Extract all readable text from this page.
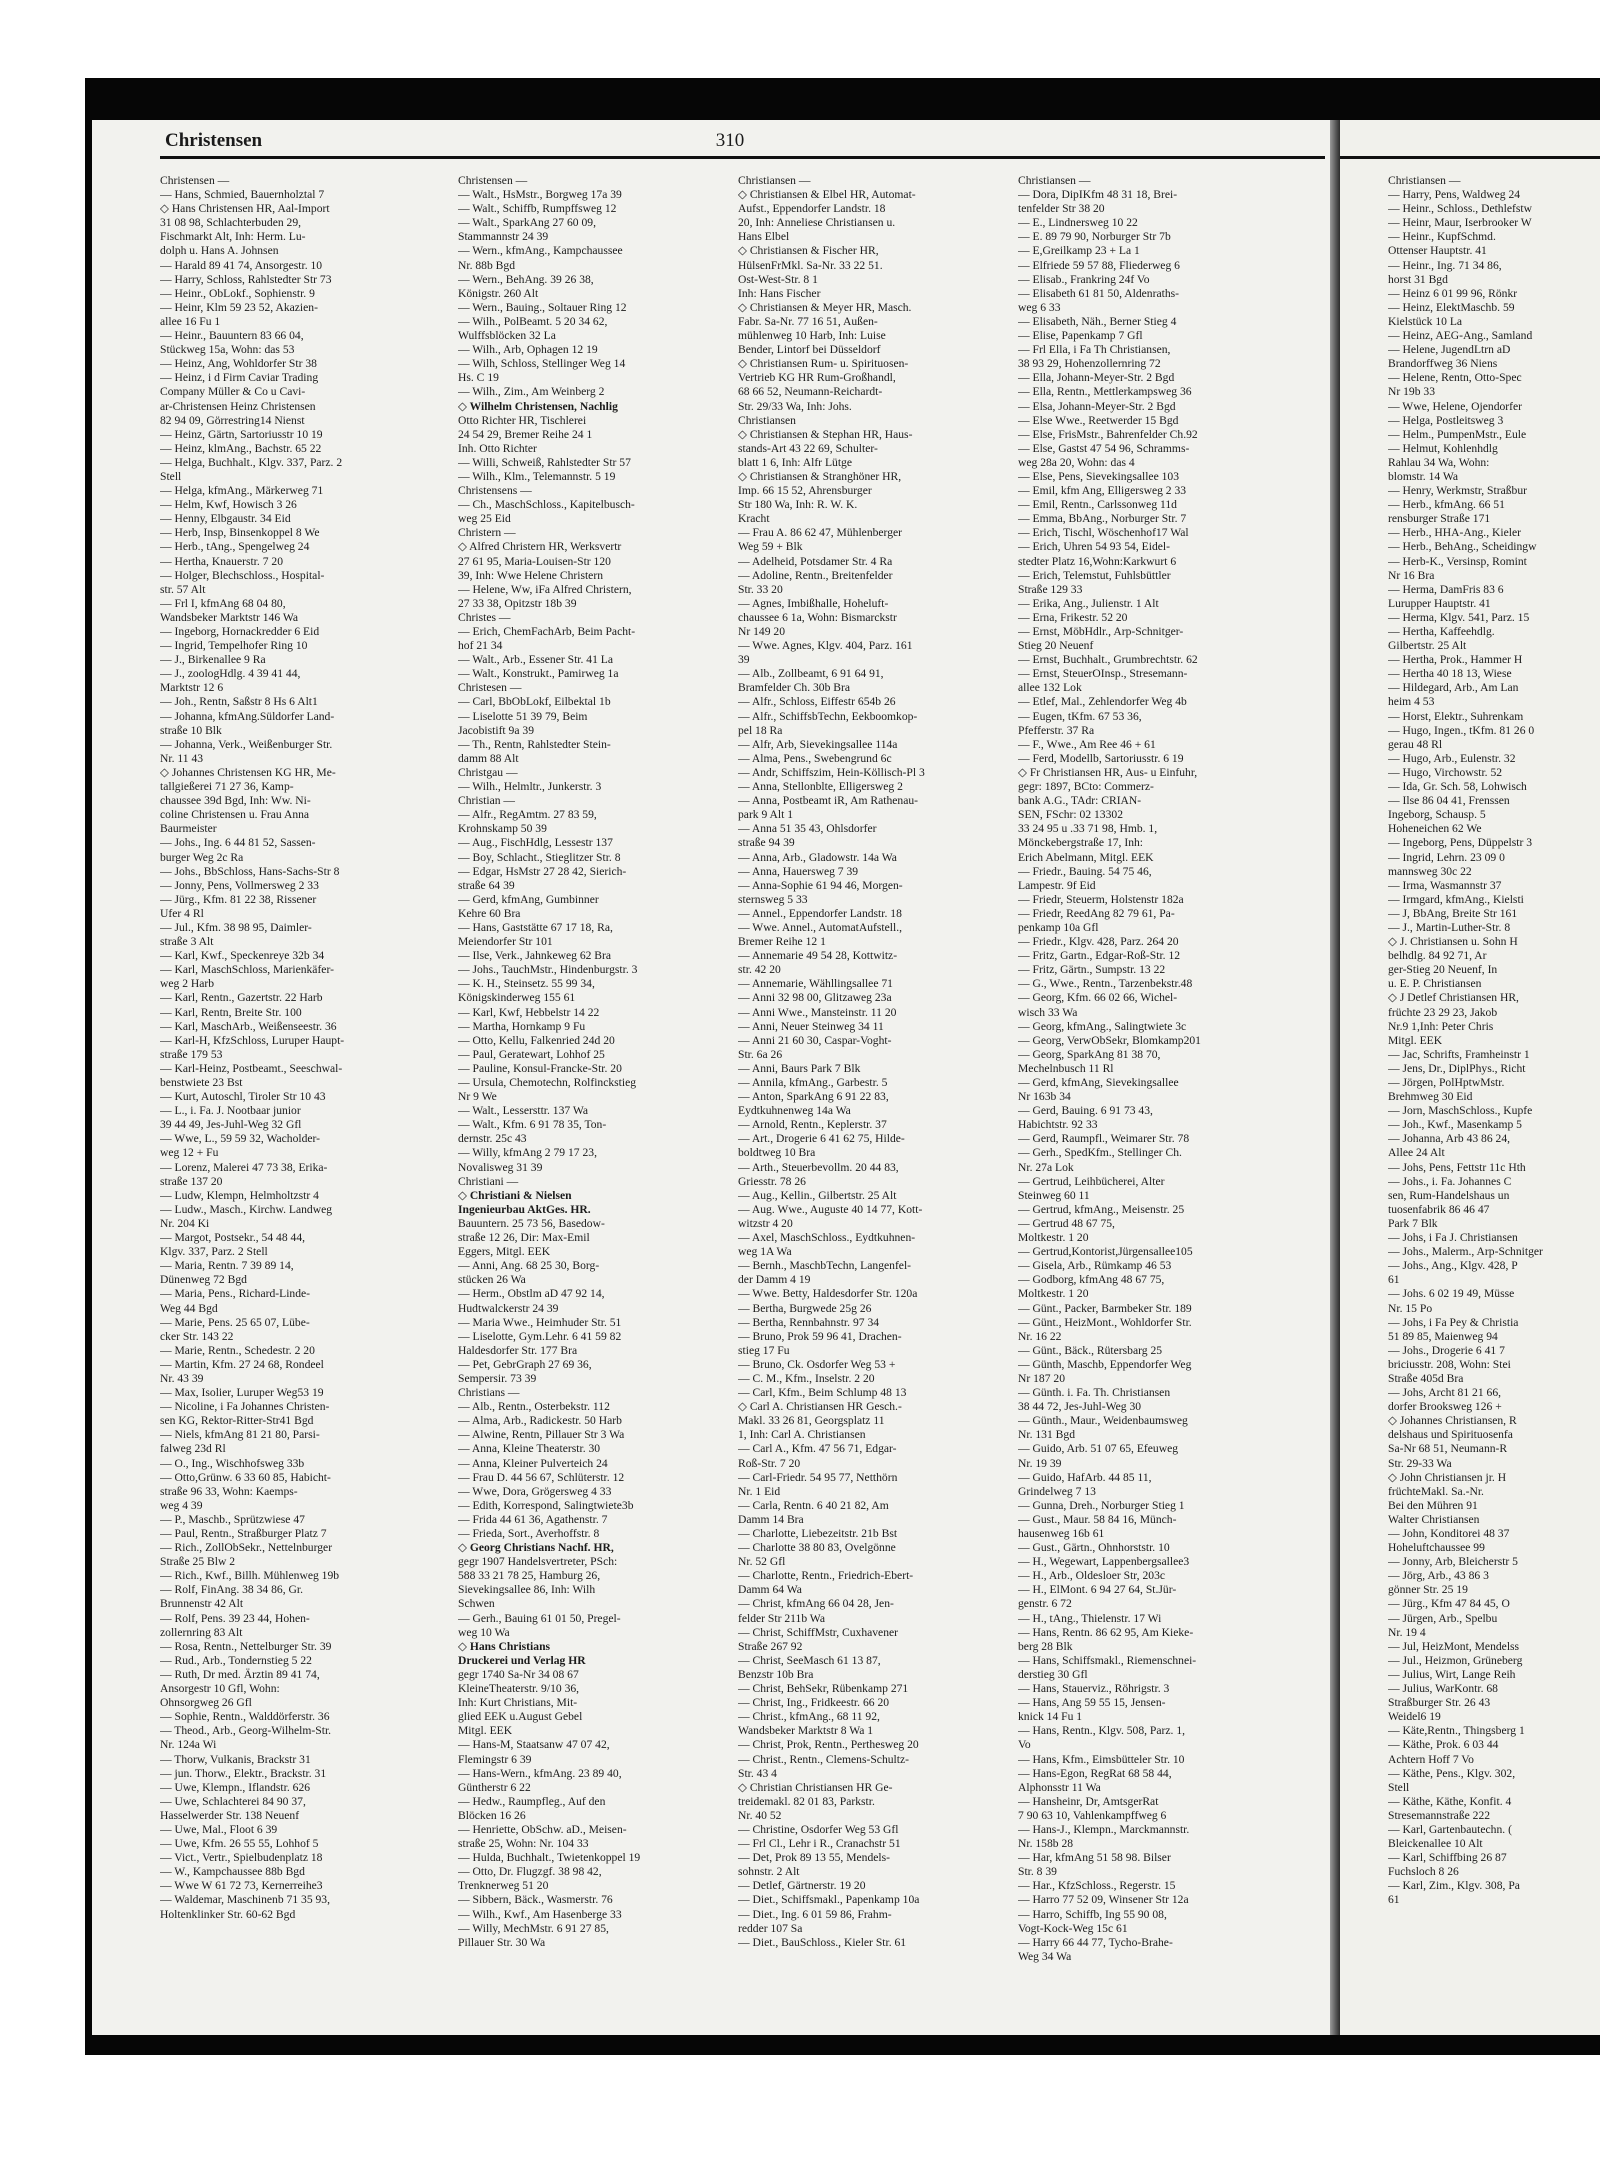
Christensen	310
Christensen —
— Hans, Schmied, Bauernholztal 7
◇ Hans Christensen HR, Aal-Import
31 08 98, Schlachterbuden 29,
Fischmarkt Alt, Inh: Herm. Lu-
dolph u. Hans A. Johnsen
— Harald 89 41 74, Ansorgestr. 10
— Harry, Schloss, Rahlstedter Str 73
— Heinr., ObLokf., Sophienstr. 9
— Heinr, Klm 59 23 52, Akazien-
allee 16 Fu 1
— Heinr., Bauuntern 83 66 04,
Stückweg 15a, Wohn: das 53
— Heinz, Ang, Wohldorfer Str 38
— Heinz, i d Firm Caviar Trading
Company Müller & Co u Cavi-
ar-Christensen Heinz Christensen
82 94 09, Görrestring14 Nienst
— Heinz, Gärtn, Sartoriusstr 10 19
— Heinz, klmAng., Bachstr. 65 22
— Helga, Buchhalt., Klgv. 337, Parz. 2
Stell
— Helga, kfmAng., Märkerweg 71
— Helm, Kwf, Howisch 3 26
— Henny, Elbgaustr. 34 Eid
— Herb, Insp, Binsenkoppel 8 We
— Herb., tAng., Spengelweg 24
— Hertha, Knauerstr. 7 20
— Holger, Blechschloss., Hospital-
str. 57 Alt
— Frl I, kfmAng 68 04 80,
Wandsbeker Marktstr 146 Wa
— Ingeborg, Hornackredder 6 Eid
— Ingrid, Tempelhofer Ring 10
— J., Birkenallee 9 Ra
— J., zoologHdlg. 4 39 41 44,
Marktstr 12 6
— Joh., Rentn, Saßstr 8 Hs 6 Alt1
— Johanna, kfmAng.Süldorfer Land-
straße 10 Blk
— Johanna, Verk., Weißenburger Str.
Nr. 11 43
◇ Johannes Christensen KG HR, Me-
tallgießerei 71 27 36, Kamp-
chaussee 39d Bgd, Inh: Ww. Ni-
coline Christensen u. Frau Anna
Baurmeister
— Johs., Ing. 6 44 81 52, Sassen-
burger Weg 2c Ra
— Johs., BbSchloss, Hans-Sachs-Str 8
— Jonny, Pens, Vollmersweg 2 33
— Jürg., Kfm. 81 22 38, Rissener
Ufer 4 Rl
— Jul., Kfm. 38 98 95, Daimler-
straße 3 Alt
— Karl, Kwf., Speckenreye 32b 34
— Karl, MaschSchloss, Marienkäfer-
weg 2 Harb
— Karl, Rentn., Gazertstr. 22 Harb
— Karl, Rentn, Breite Str. 100
— Karl, MaschArb., Weißenseestr. 36
— Karl-H, KfzSchloss, Luruper Haupt-
straße 179 53
— Karl-Heinz, Postbeamt., Seeschwal-
benstwiete 23 Bst
— Kurt, Autoschl, Tiroler Str 10 43
— L., i. Fa. J. Nootbaar junior
39 44 49, Jes-Juhl-Weg 32 Gfl
— Wwe, L., 59 59 32, Wacholder-
weg 12 + Fu
— Lorenz, Malerei 47 73 38, Erika-
straße 137 20
— Ludw, Klempn, Helmholtzstr 4
— Ludw., Masch., Kirchw. Landweg
Nr. 204 Ki
— Margot, Postsekr., 54 48 44,
Klgv. 337, Parz. 2 Stell
— Maria, Rentn. 7 39 89 14,
Dünenweg 72 Bgd
— Maria, Pens., Richard-Linde-
Weg 44 Bgd
— Marie, Pens. 25 65 07, Lübe-
cker Str. 143 22
— Marie, Rentn., Schedestr. 2 20
— Martin, Kfm. 27 24 68, Rondeel
Nr. 43 39
— Max, Isolier, Luruper Weg53 19
— Nicoline, i Fa Johannes Christen-
sen KG, Rektor-Ritter-Str41 Bgd
— Niels, kfmAng 81 21 80, Parsi-
falweg 23d Rl
— O., Ing., Wischhofsweg 33b
— Otto,Grünw. 6 33 60 85, Habicht-
straße 96 33, Wohn: Kaemps-
weg 4 39
— P., Maschb., Sprützwiese 47
— Paul, Rentn., Straßburger Platz 7
— Rich., ZollObSekr., Nettelnburger
Straße 25 Blw 2
— Rich., Kwf., Billh. Mühlenweg 19b
— Rolf, FinAng. 38 34 86, Gr.
Brunnenstr 42 Alt
— Rolf, Pens. 39 23 44, Hohen-
zollernring 83 Alt
— Rosa, Rentn., Nettelburger Str. 39
— Rud., Arb., Tondernstieg 5 22
— Ruth, Dr med. Ärztin 89 41 74,
Ansorgestr 10 Gfl, Wohn:
Ohnsorgweg 26 Gfl
— Sophie, Rentn., Walddörferstr. 36
— Theod., Arb., Georg-Wilhelm-Str.
Nr. 124a Wi
— Thorw, Vulkanis, Brackstr 31
— jun. Thorw., Elektr., Brackstr. 31
— Uwe, Klempn., Iflandstr. 626
— Uwe, Schlachterei 84 90 37,
Hasselwerder Str. 138 Neuenf
— Uwe, Mal., Floot 6 39
— Uwe, Kfm. 26 55 55, Lohhof 5
— Vict., Vertr., Spielbudenplatz 18
— W., Kampchaussee 88b Bgd
— Wwe W 61 72 73, Kernerreihe3
— Waldemar, Maschinenb 71 35 93,
Holtenklinker Str. 60-62 Bgd
Christensen —
— Walt., HsMstr., Borgweg 17a 39
— Walt., Schiffb, Rumpffsweg 12
— Walt., SparkAng 27 60 09,
Stammannstr 24 39
— Wern., kfmAng., Kampchaussee
Nr. 88b Bgd
— Wern., BehAng. 39 26 38,
Königstr. 260 Alt
— Wern., Bauing., Soltauer Ring 12
— Wilh., PolBeamt. 5 20 34 62,
Wulffsblöcken 32 La
— Wilh., Arb, Ophagen 12 19
— Wilh, Schloss, Stellinger Weg 14
Hs. C 19
— Wilh., Zim., Am Weinberg 2
◇ Wilhelm Christensen, Nachlig
Otto Richter HR, Tischlerei
24 54 29, Bremer Reihe 24 1
Inh. Otto Richter
— Willi, Schweiß, Rahlstedter Str 57
— Wilh., Klm., Telemannstr. 5 19
Christensens —
— Ch., MaschSchloss., Kapitelbusch-
weg 25 Eid
Christern —
◇ Alfred Christern HR, Werksvertr
27 61 95, Maria-Louisen-Str 120
39, Inh: Wwe Helene Christern
— Helene, Ww, iFa Alfred Christern,
27 33 38, Opitzstr 18b 39
Christes —
— Erich, ChemFachArb, Beim Pacht-
hof 21 34
— Walt., Arb., Essener Str. 41 La
— Walt., Konstrukt., Pamirweg 1a
Christesen —
— Carl, BbObLokf, Eilbektal 1b
— Liselotte 51 39 79, Beim
Jacobistift 9a 39
— Th., Rentn, Rahlstedter Stein-
damm 88 Alt
Christgau —
— Wilh., Helmltr., Junkerstr. 3
Christian —
— Alfr., RegAmtm. 27 83 59,
Krohnskamp 50 39
— Aug., FischHdlg, Lessestr 137
— Boy, Schlacht., Stieglitzer Str. 8
— Edgar, HsMstr 27 28 42, Sierich-
straße 64 39
— Gerd, kfmAng, Gumbinner
Kehre 60 Bra
— Hans, Gaststätte 67 17 18, Ra,
Meiendorfer Str 101
— Ilse, Verk., Jahnkeweg 62 Bra
— Johs., TauchMstr., Hindenburgstr. 3
— K. H., Steinsetz. 55 99 34,
Königskinderweg 155 61
— Karl, Kwf, Hebbelstr 14 22
— Martha, Hornkamp 9 Fu
— Otto, Kellu, Falkenried 24d 20
— Paul, Geratewart, Lohhof 25
— Pauline, Konsul-Francke-Str. 20
— Ursula, Chemotechn, Rolfinckstieg
Nr 9 We
— Walt., Lessersttr. 137 Wa
— Walt., Kfm. 6 91 78 35, Ton-
dernstr. 25c 43
— Willy, kfmAng 2 79 17 23,
Novalisweg 31 39
Christiani —
◇ Christiani & Nielsen
Ingenieurbau AktGes. HR.
Bauuntern. 25 73 56, Basedow-
straße 12 26, Dir: Max-Emil
Eggers, Mitgl. EEK
— Anni, Ang. 68 25 30, Borg-
stücken 26 Wa
— Herm., Obstlm aD 47 92 14,
Hudtwalckerstr 24 39
— Maria Wwe., Heimhuder Str. 51
— Liselotte, Gym.Lehr. 6 41 59 82
Haldesdorfer Str. 177 Bra
— Pet, GebrGraph 27 69 36,
Sempersir. 73 39
Christians —
— Alb., Rentn., Osterbekstr. 112
— Alma, Arb., Radickestr. 50 Harb
— Alwine, Rentn, Pillauer Str 3 Wa
— Anna, Kleine Theaterstr. 30
— Anna, Kleiner Pulverteich 24
— Frau D. 44 56 67, Schlüterstr. 12
— Wwe, Dora, Grögersweg 4 33
— Edith, Korrespond, Salingtwiete3b
— Frida 44 61 36, Agathenstr. 7
— Frieda, Sort., Averhoffstr. 8
◇ Georg Christians Nachf. HR,
gegr 1907 Handelsvertreter, PSch:
588 33 21 78 25, Hamburg 26,
Sievekingsallee 86, Inh: Wilh
Schwen
— Gerh., Bauing 61 01 50, Pregel-
weg 10 Wa
◇ Hans Christians
Druckerei und Verlag HR
gegr 1740 Sa-Nr 34 08 67
KleineTheaterstr. 9/10 36,
Inh: Kurt Christians, Mit-
glied EEK u.August Gebel
Mitgl. EEK
— Hans-M, Staatsanw 47 07 42,
Flemingstr 6 39
— Hans-Wern., kfmAng. 23 89 40,
Güntherstr 6 22
— Hedw., Raumpfleg., Auf den
Blöcken 16 26
— Henriette, ObSchw. aD., Meisen-
straße 25, Wohn: Nr. 104 33
— Hulda, Buchhalt., Twietenkoppel 19
— Otto, Dr. Flugzgf. 38 98 42,
Trenknerweg 51 20
— Sibbern, Bäck., Wasmerstr. 76
— Wilh., Kwf., Am Hasenberge 33
— Willy, MechMstr. 6 91 27 85,
Pillauer Str. 30 Wa
Christiansen —
◇ Christiansen & Elbel HR, Automat-
Aufst., Eppendorfer Landstr. 18
20, Inh: Anneliese Christiansen u.
Hans Elbel
◇ Christiansen & Fischer HR,
HülsenFrMkl. Sa-Nr. 33 22 51.
Ost-West-Str. 8 1
Inh: Hans Fischer
◇ Christiansen & Meyer HR, Masch.
Fabr. Sa-Nr. 77 16 51, Außen-
mühlenweg 10 Harb, Inh: Luise
Bender, Lintorf bei Düsseldorf
◇ Christiansen Rum- u. Spirituosen-
Vertrieb KG HR Rum-Großhandl,
68 66 52, Neumann-Reichardt-
Str. 29/33 Wa, Inh: Johs.
Christiansen
◇ Christiansen & Stephan HR, Haus-
stands-Art 43 22 69, Schulter-
blatt 1 6, Inh: Alfr Lütge
◇ Christiansen & Stranghöner HR,
Imp. 66 15 52, Ahrensburger
Str 180 Wa, Inh: R. W. K.
Kracht
— Frau A. 86 62 47, Mühlenberger
Weg 59 + Blk
— Adelheid, Potsdamer Str. 4 Ra
— Adoline, Rentn., Breitenfelder
Str. 33 20
— Agnes, Imbißhalle, Hoheluft-
chaussee 6 1a, Wohn: Bismarckstr
Nr 149 20
— Wwe. Agnes, Klgv. 404, Parz. 161
39
— Alb., Zollbeamt, 6 91 64 91,
Bramfelder Ch. 30b Bra
— Alfr., Schloss, Eiffestr 654b 26
— Alfr., SchiffsbTechn, Eekboomkop-
pel 18 Ra
— Alfr, Arb, Sievekingsallee 114a
— Alma, Pens., Swebengrund 6c
— Andr, Schiffszim, Hein-Köllisch-Pl 3
— Anna, Stellonblte, Elligersweg 2
— Anna, Postbeamt iR, Am Rathenau-
park 9 Alt 1
— Anna 51 35 43, Ohlsdorfer
straße 94 39
— Anna, Arb., Gladowstr. 14a Wa
— Anna, Hauersweg 7 39
— Anna-Sophie 61 94 46, Morgen-
sternsweg 5 33
— Annel., Eppendorfer Landstr. 18
— Wwe. Annel., AutomatAufstell.,
Bremer Reihe 12 1
— Annemarie 49 54 28, Kottwitz-
str. 42 20
— Annemarie, Wähllingsallee 71
— Anni 32 98 00, Glitzaweg 23a
— Anni Wwe., Mansteinstr. 11 20
— Anni, Neuer Steinweg 34 11
— Anni 21 60 30, Caspar-Voght-
Str. 6a 26
— Anni, Baurs Park 7 Blk
— Annila, kfmAng., Garbestr. 5
— Anton, SparkAng 6 91 22 83,
Eydtkuhnenweg 14a Wa
— Arnold, Rentn., Keplerstr. 37
— Art., Drogerie 6 41 62 75, Hilde-
boldtweg 10 Bra
— Arth., Steuerbevollm. 20 44 83,
Griesstr. 78 26
— Aug., Kellin., Gilbertstr. 25 Alt
— Aug. Wwe., Auguste 40 14 77, Kott-
witzstr 4 20
— Axel, MaschSchloss., Eydtkuhnen-
weg 1A Wa
— Bernh., MaschbTechn, Langenfel-
der Damm 4 19
— Wwe. Betty, Haldesdorfer Str. 120a
— Bertha, Burgwede 25g 26
— Bertha, Rennbahnstr. 97 34
— Bruno, Prok 59 96 41, Drachen-
stieg 17 Fu
— Bruno, Ck. Osdorfer Weg 53 +
— C. M., Kfm., Inselstr. 2 20
— Carl, Kfm., Beim Schlump 48 13
◇ Carl A. Christiansen HR Gesch.-
Makl. 33 26 81, Georgsplatz 11
1, Inh: Carl A. Christiansen
— Carl A., Kfm. 47 56 71, Edgar-
Roß-Str. 7 20
— Carl-Friedr. 54 95 77, Netthörn
Nr. 1 Eid
— Carla, Rentn. 6 40 21 82, Am
Damm 14 Bra
— Charlotte, Liebezeitstr. 21b Bst
— Charlotte 38 80 83, Ovelgönne
Nr. 52 Gfl
— Charlotte, Rentn., Friedrich-Ebert-
Damm 64 Wa
— Christ, kfmAng 66 04 28, Jen-
felder Str 211b Wa
— Christ, SchiffMstr, Cuxhavener
Straße 267 92
— Christ, SeeMasch 61 13 87,
Benzstr 10b Bra
— Christ, BehSekr, Rübenkamp 271
— Christ, Ing., Fridkeestr. 66 20
— Christ., kfmAng., 68 11 92,
Wandsbeker Marktstr 8 Wa 1
— Christ, Prok, Rentn., Perthesweg 20
— Christ., Rentn., Clemens-Schultz-
Str. 43 4
◇ Christian Christiansen HR Ge-
treidemakl. 82 01 83, Parkstr.
Nr. 40 52
— Christine, Osdorfer Weg 53 Gfl
— Frl Cl., Lehr i R., Cranachstr 51
— Det, Prok 89 13 55, Mendels-
sohnstr. 2 Alt
— Detlef, Gärtnerstr. 19 20
— Diet., Schiffsmakl., Papenkamp 10a
— Diet., Ing. 6 01 59 86, Frahm-
redder 107 Sa
— Diet., BauSchloss., Kieler Str. 61
Christiansen —
— Dora, DipIKfm 48 31 18, Brei-
tenfelder Str 38 20
— E., Lindnersweg 10 22
— E. 89 79 90, Norburger Str 7b
— E,Greilkamp 23 + La 1
— Elfriede 59 57 88, Fliederweg 6
— Elisab., Frankring 24f Vo
— Elisabeth 61 81 50, Aldenraths-
weg 6 33
— Elisabeth, Näh., Berner Stieg 4
— Elise, Papenkamp 7 Gfl
— Frl Ella, i Fa Th Christiansen,
38 93 29, Hohenzollernring 72
— Ella, Johann-Meyer-Str. 2 Bgd
— Ella, Rentn., Mettlerkampsweg 36
— Elsa, Johann-Meyer-Str. 2 Bgd
— Else Wwe., Reetwerder 15 Bgd
— Else, FrisMstr., Bahrenfelder Ch.92
— Else, Gastst 47 54 96, Schramms-
weg 28a 20, Wohn: das 4
— Else, Pens, Sievekingsallee 103
— Emil, kfm Ang, Elligersweg 2 33
— Emil, Rentn., Carlssonweg 11d
— Emma, BbAng., Norburger Str. 7
— Erich, Tischl, Wöschenhof17 Wal
— Erich, Uhren 54 93 54, Eidel-
stedter Platz 16,Wohn:Karkwurt 6
— Erich, Telemstut, Fuhlsbüttler
Straße 129 33
— Erika, Ang., Julienstr. 1 Alt
— Erna, Frikestr. 52 20
— Ernst, MöbHdlr., Arp-Schnitger-
Stieg 20 Neuenf
— Ernst, Buchhalt., Grumbrechtstr. 62
— Ernst, SteuerOInsp., Stresemann-
allee 132 Lok
— Etlef, Mal., Zehlendorfer Weg 4b
— Eugen, tKfm. 67 53 36,
Pfefferstr. 37 Ra
— F., Wwe., Am Ree 46 + 61
— Ferd, Modellb, Sartoriusstr. 6 19
◇ Fr Christiansen HR, Aus- u Einfuhr,
gegr: 1897, BCto: Commerz-
bank A.G., TAdr: CRIAN-
SEN, FSchr: 02 13302
33 24 95 u .33 71 98, Hmb. 1,
Mönckebergstraße 17, Inh:
Erich Abelmann, Mitgl. EEK
— Friedr., Bauing. 54 75 46,
Lampestr. 9f Eid
— Friedr, Steuerm, Holstenstr 182a
— Friedr, ReedAng 82 79 61, Pa-
penkamp 10a Gfl
— Friedr., Klgv. 428, Parz. 264 20
— Fritz, Gartn., Edgar-Roß-Str. 12
— Fritz, Gärtn., Sumpstr. 13 22
— G., Wwe., Rentn., Tarzenbekstr.48
— Georg, Kfm. 66 02 66, Wichel-
wisch 33 Wa
— Georg, kfmAng., Salingtwiete 3c
— Georg, VerwObSekr, Blomkamp201
— Georg, SparkAng 81 38 70,
Mechelnbusch 11 Rl
— Gerd, kfmAng, Sievekingsallee
Nr 163b 34
— Gerd, Bauing. 6 91 73 43,
Habichtstr. 92 33
— Gerd, Raumpfl., Weimarer Str. 78
— Gerh., SpedKfm., Stellinger Ch.
Nr. 27a Lok
— Gertrud, Leihbücherei, Alter
Steinweg 60 11
— Gertrud, kfmAng., Meisenstr. 25
— Gertrud 48 67 75,
Moltkestr. 1 20
— Gertrud,Kontorist,Jürgensallee105
— Gisela, Arb., Rümkamp 46 53
— Godborg, kfmAng 48 67 75,
Moltkestr. 1 20
— Günt., Packer, Barmbeker Str. 189
— Günt., HeizMont., Wohldorfer Str.
Nr. 16 22
— Günt., Bäck., Rütersbarg 25
— Günth, Maschb, Eppendorfer Weg
Nr 187 20
— Günth. i. Fa. Th. Christiansen
38 44 72, Jes-Juhl-Weg 30
— Günth., Maur., Weidenbaumsweg
Nr. 131 Bgd
— Guido, Arb. 51 07 65, Efeuweg
Nr. 19 39
— Guido, HafArb. 44 85 11,
Grindelweg 7 13
— Gunna, Dreh., Norburger Stieg 1
— Gust., Maur. 58 84 16, Münch-
hausenweg 16b 61
— Gust., Gärtn., Ohnhorststr. 10
— H., Wegewart, Lappenbergsallee3
— H., Arb., Oldesloer Str, 203c
— H., ElMont. 6 94 27 64, St.Jür-
genstr. 6 72
— H., tAng., Thielenstr. 17 Wi
— Hans, Rentn. 86 62 95, Am Kieke-
berg 28 Blk
— Hans, Schiffsmakl., Riemenschnei-
derstieg 30 Gfl
— Hans, Stauerviz., Röhrigstr. 3
— Hans, Ang 59 55 15, Jensen-
knick 14 Fu 1
— Hans, Rentn., Klgv. 508, Parz. 1,
Vo
— Hans, Kfm., Eimsbütteler Str. 10
— Hans-Egon, RegRat 68 58 44,
Alphonsstr 11 Wa
— Hansheinr, Dr, AmtsgerRat
7 90 63 10, Vahlenkampffweg 6
— Hans-J., Klempn., Marckmannstr.
Nr. 158b 28
— Har, kfmAng 51 58 98. Bilser
Str. 8 39
— Har., KfzSchloss., Regerstr. 15
— Harro 77 52 09, Winsener Str 12a
— Harro, Schiffb, Ing 55 90 08,
Vogt-Kock-Weg 15c 61
— Harry 66 44 77, Tycho-Brahe-
Weg 34 Wa
Christiansen —
— Harry, Pens, Waldweg 24
— Heinr., Schloss., Dethlefstw
— Heinr, Maur, Iserbrooker W
— Heinr., KupfSchmd.
Ottenser Hauptstr. 41
— Heinr., Ing. 71 34 86,
horst 31 Bgd
— Heinz 6 01 99 96, Rönkr
— Heinz, ElektMaschb. 59
Kielstück 10 La
— Heinz, AEG-Ang., Samland
— Helene, JugendLtrn aD
Brandorffweg 36 Niens
— Helene, Rentn, Otto-Spec
Nr 19b 33
— Wwe, Helene, Ojendorfer
— Helga, Postleitsweg 3
— Helm., PumpenMstr., Eule
— Helmut, Kohlenhdlg
Rahlau 34 Wa, Wohn:
blomstr. 14 Wa
— Henry, Werkmstr, Straßbur
— Herb., kfmAng. 66 51
rensburger Straße 171
— Herb., HHA-Ang., Kieler
— Herb., BehAng., Scheidingw
— Herb-K., Versinsp, Romint
Nr 16 Bra
— Herma, DamFris 83 6
Lurupper Hauptstr. 41
— Herma, Klgv. 541, Parz. 15
— Hertha, Kaffeehdlg.
Gilbertstr. 25 Alt
— Hertha, Prok., Hammer H
— Hertha 40 18 13, Wiese
— Hildegard, Arb., Am Lan
heim 4 53
— Horst, Elektr., Suhrenkam
— Hugo, Ingen., tKfm. 81 26 0
gerau 48 Rl
— Hugo, Arb., Eulenstr. 32
— Hugo, Virchowstr. 52
— Ida, Gr. Sch. 58, Lohwisch
— Ilse 86 04 41, Frenssen
Ingeborg, Schausp. 5
Hoheneichen 62 We
— Ingeborg, Pens, Düppelstr 3
— Ingrid, Lehrn. 23 09 0
mannsweg 30c 22
— Irma, Wasmannstr 37
— Irmgard, kfmAng., Kielsti
— J, BbAng, Breite Str 161
— J., Martin-Luther-Str. 8
◇ J. Christiansen u. Sohn H
belhdlg. 84 92 71, Ar
ger-Stieg 20 Neuenf, In
u. E. P. Christiansen
◇ J Detlef Christiansen HR,
früchte 23 29 23, Jakob
Nr.9 1,Inh: Peter Chris
Mitgl. EEK
— Jac, Schrifts, Framheinstr 1
— Jens, Dr., DiplPhys., Richt
— Jörgen, PolHptwMstr.
Brehmweg 30 Eid
— Jorn, MaschSchloss., Kupfe
— Joh., Kwf., Masenkamp 5
— Johanna, Arb 43 86 24,
Allee 24 Alt
— Johs, Pens, Fettstr 11c Hth
— Johs., i. Fa. Johannes C
sen, Rum-Handelshaus un
tuosenfabrik 86 46 47
Park 7 Blk
— Johs, i Fa J. Christiansen
— Johs., Malerm., Arp-Schnitger
— Johs., Ang., Klgv. 428, P
61
— Johs. 6 02 19 49, Müsse
Nr. 15 Po
— Johs, i Fa Pey & Christia
51 89 85, Maienweg 94
— Johs., Drogerie 6 41 7
briciusstr. 208, Wohn: Stei
Straße 405d Bra
— Johs, Archt 81 21 66,
dorfer Brooksweg 126 +
◇ Johannes Christiansen, R
delshaus und Spirituosenfa
Sa-Nr 68 51, Neumann-R
Str. 29-33 Wa
◇ John Christiansen jr. H
früchteMakl. Sa.-Nr.
Bei den Mühren 91
Walter Christiansen
— John, Konditorei 48 37
Hoheluftchaussee 99
— Jonny, Arb, Bleicherstr 5
— Jörg, Arb., 43 86 3
gönner Str. 25 19
— Jürg., Kfm 47 84 45, O
— Jürgen, Arb., Spelbu
Nr. 19 4
— Jul, HeizMont, Mendelss
— Jul., Heizmon, Grüneberg
— Julius, Wirt, Lange Reih
— Julius, WarKontr. 68
Straßburger Str. 26 43
Weidel6 19
— Käte,Rentn., Thingsberg 1
— Käthe, Prok. 6 03 44
Achtern Hoff 7 Vo
— Käthe, Pens., Klgv. 302,
Stell
— Käthe, Käthe, Konfit. 4
Stresemannstraße 222
— Karl, Gartenbautechn. (
Bleickenallee 10 Alt
— Karl, Schiffbing 26 87
Fuchsloch 8 26
— Karl, Zim., Klgv. 308, Pa
61
